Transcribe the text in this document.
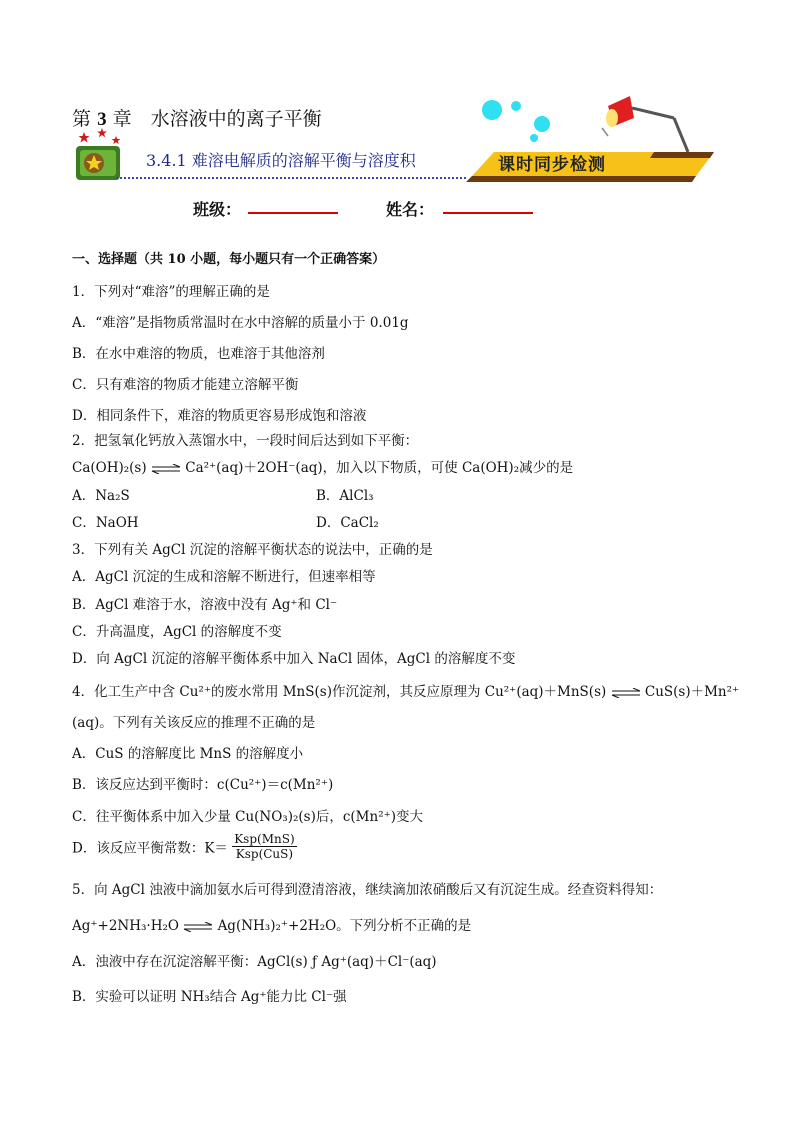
第 3 章　水溶液中的离子平衡
3.4.1 难溶电解质的溶解平衡与溶度积	课时同步检测
班级：	姓名：
一、选择题（共 10 小题，每小题只有一个正确答案）
1．下列对“难溶”的理解正确的是
A．“难溶”是指物质常温时在水中溶解的质量小于 0.01g
B．在水中难溶的物质，也难溶于其他溶剂
C．只有难溶的物质才能建立溶解平衡
D．相同条件下，难溶的物质更容易形成饱和溶液
2．把氢氧化钙放入蒸馏水中，一段时间后达到如下平衡：
Ca(OH)₂(s) ⇌ Ca²⁺(aq)＋2OH⁻(aq)，加入以下物质，可使 Ca(OH)₂减少的是
A．Na₂S	B．AlCl₃
C．NaOH	D．CaCl₂
3．下列有关 AgCl 沉淀的溶解平衡状态的说法中，正确的是
A．AgCl 沉淀的生成和溶解不断进行，但速率相等
B．AgCl 难溶于水，溶液中没有 Ag⁺和 Cl⁻
C．升高温度，AgCl 的溶解度不变
D．向 AgCl 沉淀的溶解平衡体系中加入 NaCl 固体，AgCl 的溶解度不变
4．化工生产中含 Cu²⁺的废水常用 MnS(s)作沉淀剂，其反应原理为 Cu²⁺(aq)＋MnS(s) ⇌ CuS(s)＋Mn²⁺
(aq)。下列有关该反应的推理不正确的是
A．CuS 的溶解度比 MnS 的溶解度小
B．该反应达到平衡时：c(Cu²⁺)＝c(Mn²⁺)
C．往平衡体系中加入少量 Cu(NO₃)₂(s)后，c(Mn²⁺)变大
D．该反应平衡常数：$K= \frac{\text{Ksp(MnS)}}{\text{Ksp(CuS)}}$
5．向 AgCl 浊液中滴加氨水后可得到澄清溶液，继续滴加浓硝酸后又有沉淀生成。经查资料得知：
Ag⁺+2NH₃·H₂O ⇌ Ag(NH₃)₂⁺+2H₂O。下列分析不正确的是
A．浊液中存在沉淀溶解平衡：AgCl(s) ƒ Ag⁺(aq)＋Cl⁻(aq)
B．实验可以证明 NH₃结合 Ag⁺能力比 Cl⁻强
